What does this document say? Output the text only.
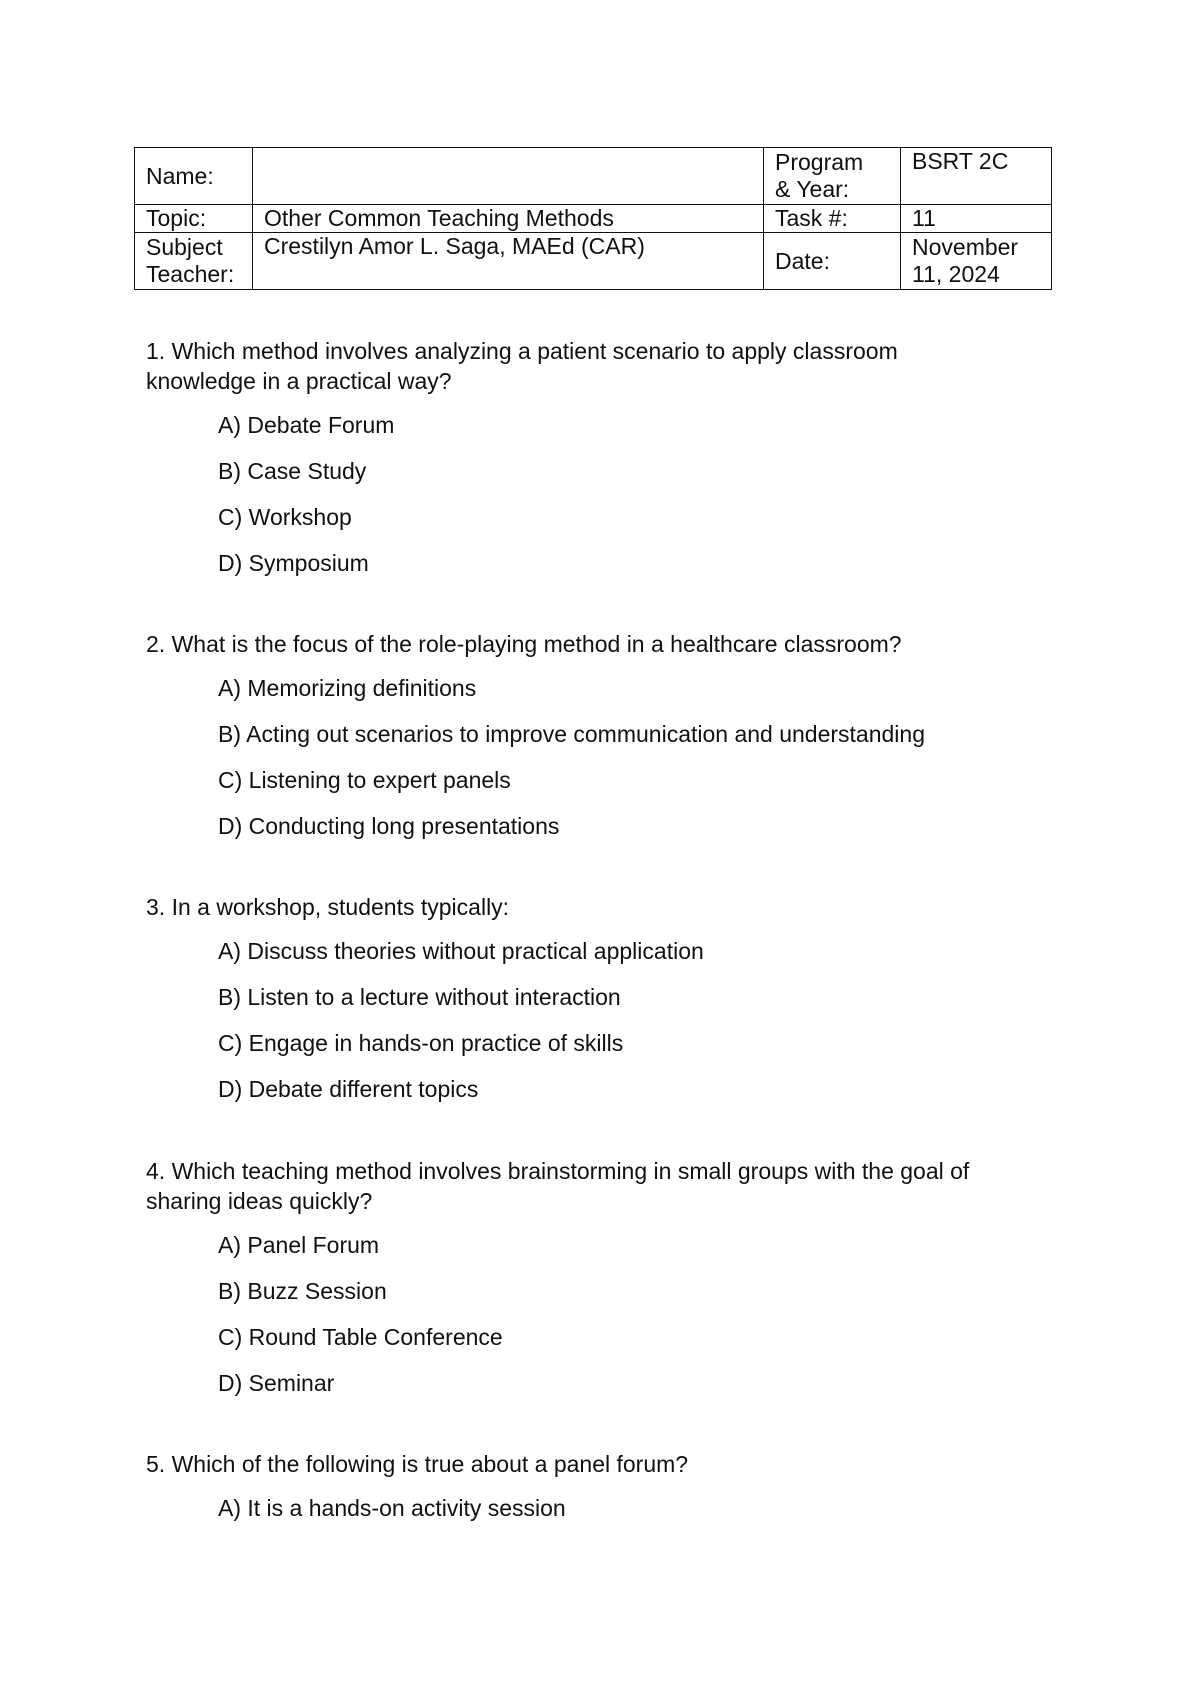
Name:		Program & Year:	BSRT 2C
Topic:	Other Common Teaching Methods	Task #:	11

Subject Teacher:	Crestilyn Amor L. Saga, MAEd (CAR)	Date:	November 11, 2024

1. Which method involves analyzing a patient scenario to apply classroom knowledge in a practical way?

A) Debate Forum
B) Case Study
C) Workshop
D) Symposium

2. What is the focus of the role-playing method in a healthcare classroom?

A) Memorizing definitions
B) Acting out scenarios to improve communication and understanding
C) Listening to expert panels
D) Conducting long presentations

3. In a workshop, students typically:

A) Discuss theories without practical application
B) Listen to a lecture without interaction
C) Engage in hands-on practice of skills
D) Debate different topics

4. Which teaching method involves brainstorming in small groups with the goal of sharing ideas quickly?

A) Panel Forum
B) Buzz Session
C) Round Table Conference
D) Seminar

5. Which of the following is true about a panel forum?

A) It is a hands-on activity session
